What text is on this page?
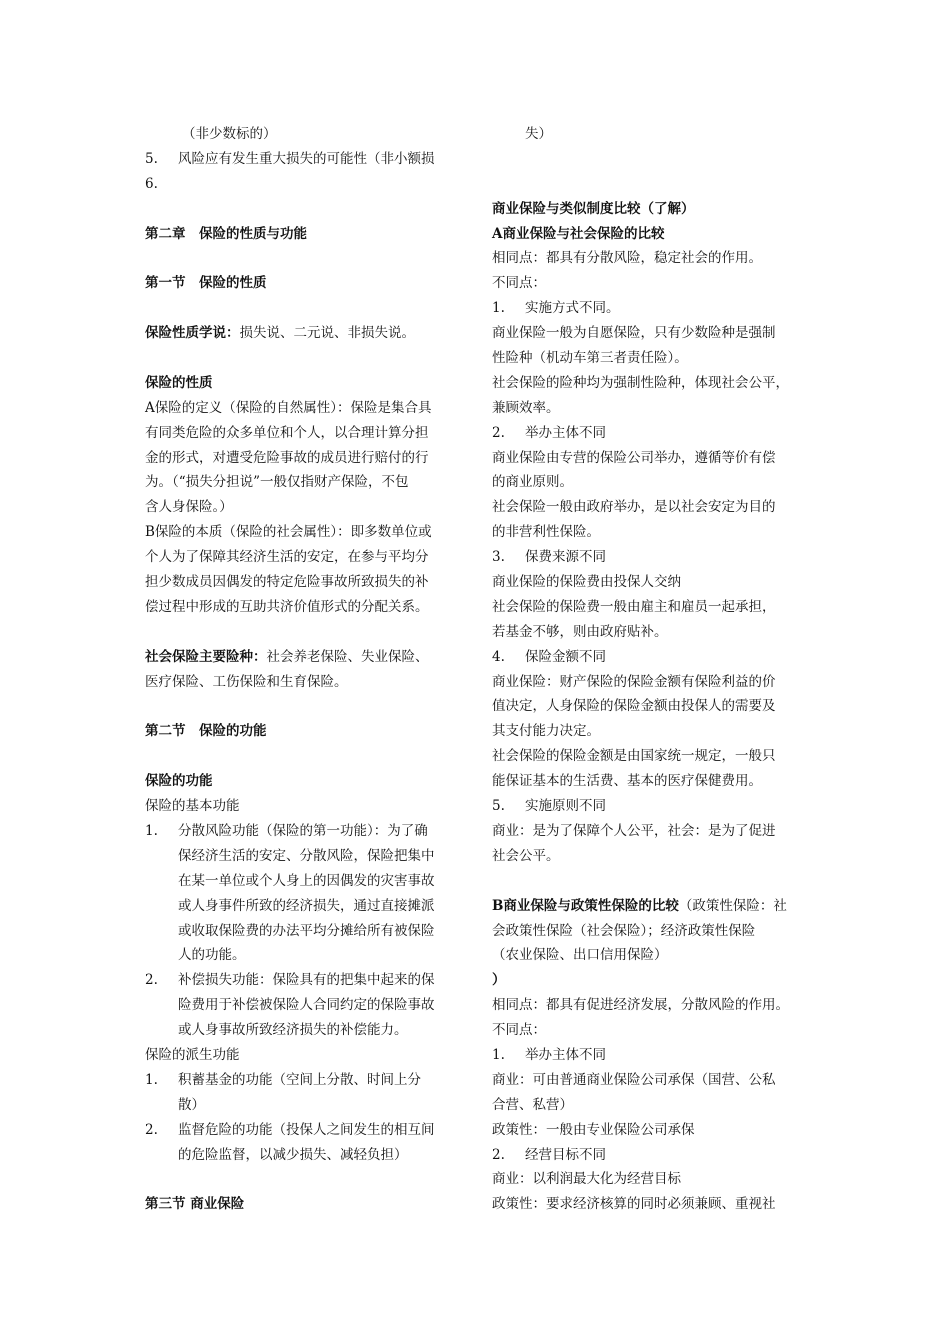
（非少数标的）
5. 风险应有发生重大损失的可能性（非小额损
6.
第二章　保险的性质与功能
第一节　保险的性质
保险性质学说：损失说、二元说、非损失说。
保险的性质
A保险的定义（保险的自然属性）：保险是集合具
有同类危险的众多单位和个人，以合理计算分担
金的形式，对遭受危险事故的成员进行赔付的行
为。（“损失分担说”一般仅指财产保险，不包
含人身保险。）
B保险的本质（保险的社会属性）：即多数单位或
个人为了保障其经济生活的安定，在参与平均分
担少数成员因偶发的特定危险事故所致损失的补
偿过程中形成的互助共济价值形式的分配关系。
社会保险主要险种：社会养老保险、失业保险、
医疗保险、工伤保险和生育保险。
第二节　保险的功能
保险的功能
保险的基本功能
1. 分散风险功能（保险的第一功能）：为了确
保经济生活的安定、分散风险，保险把集中
在某一单位或个人身上的因偶发的灾害事故
或人身事件所致的经济损失，通过直接摊派
或收取保险费的办法平均分摊给所有被保险
人的功能。
2. 补偿损失功能：保险具有的把集中起来的保
险费用于补偿被保险人合同约定的保险事故
或人身事故所致经济损失的补偿能力。
保险的派生功能
1. 积蓄基金的功能（空间上分散、时间上分
散）
2. 监督危险的功能（投保人之间发生的相互间
的危险监督，以减少损失、减轻负担）
第三节 商业保险
失）
商业保险与类似制度比较（了解）
A商业保险与社会保险的比较
相同点：都具有分散风险，稳定社会的作用。
不同点：
1. 实施方式不同。
商业保险一般为自愿保险，只有少数险种是强制
性险种（机动车第三者责任险）。
社会保险的险种均为强制性险种，体现社会公平，
兼顾效率。
2. 举办主体不同
商业保险由专营的保险公司举办，遵循等价有偿
的商业原则。
社会保险一般由政府举办，是以社会安定为目的
的非营利性保险。
3. 保费来源不同
商业保险的保险费由投保人交纳
社会保险的保险费一般由雇主和雇员一起承担，
若基金不够，则由政府贴补。
4. 保险金额不同
商业保险：财产保险的保险金额有保险利益的价
值决定，人身保险的保险金额由投保人的需要及
其支付能力决定。
社会保险的保险金额是由国家统一规定，一般只
能保证基本的生活费、基本的医疗保健费用。
5. 实施原则不同
商业：是为了保障个人公平，社会：是为了促进
社会公平。
B商业保险与政策性保险的比较（政策性保险：社
会政策性保险（社会保险）；经济政策性保险
（农业保险、出口信用保险）
）
相同点：都具有促进经济发展，分散风险的作用。
不同点：
1. 举办主体不同
商业：可由普通商业保险公司承保（国营、公私
合营、私营）
政策性：一般由专业保险公司承保
2. 经营目标不同
商业：以利润最大化为经营目标
政策性：要求经济核算的同时必须兼顾、重视社
